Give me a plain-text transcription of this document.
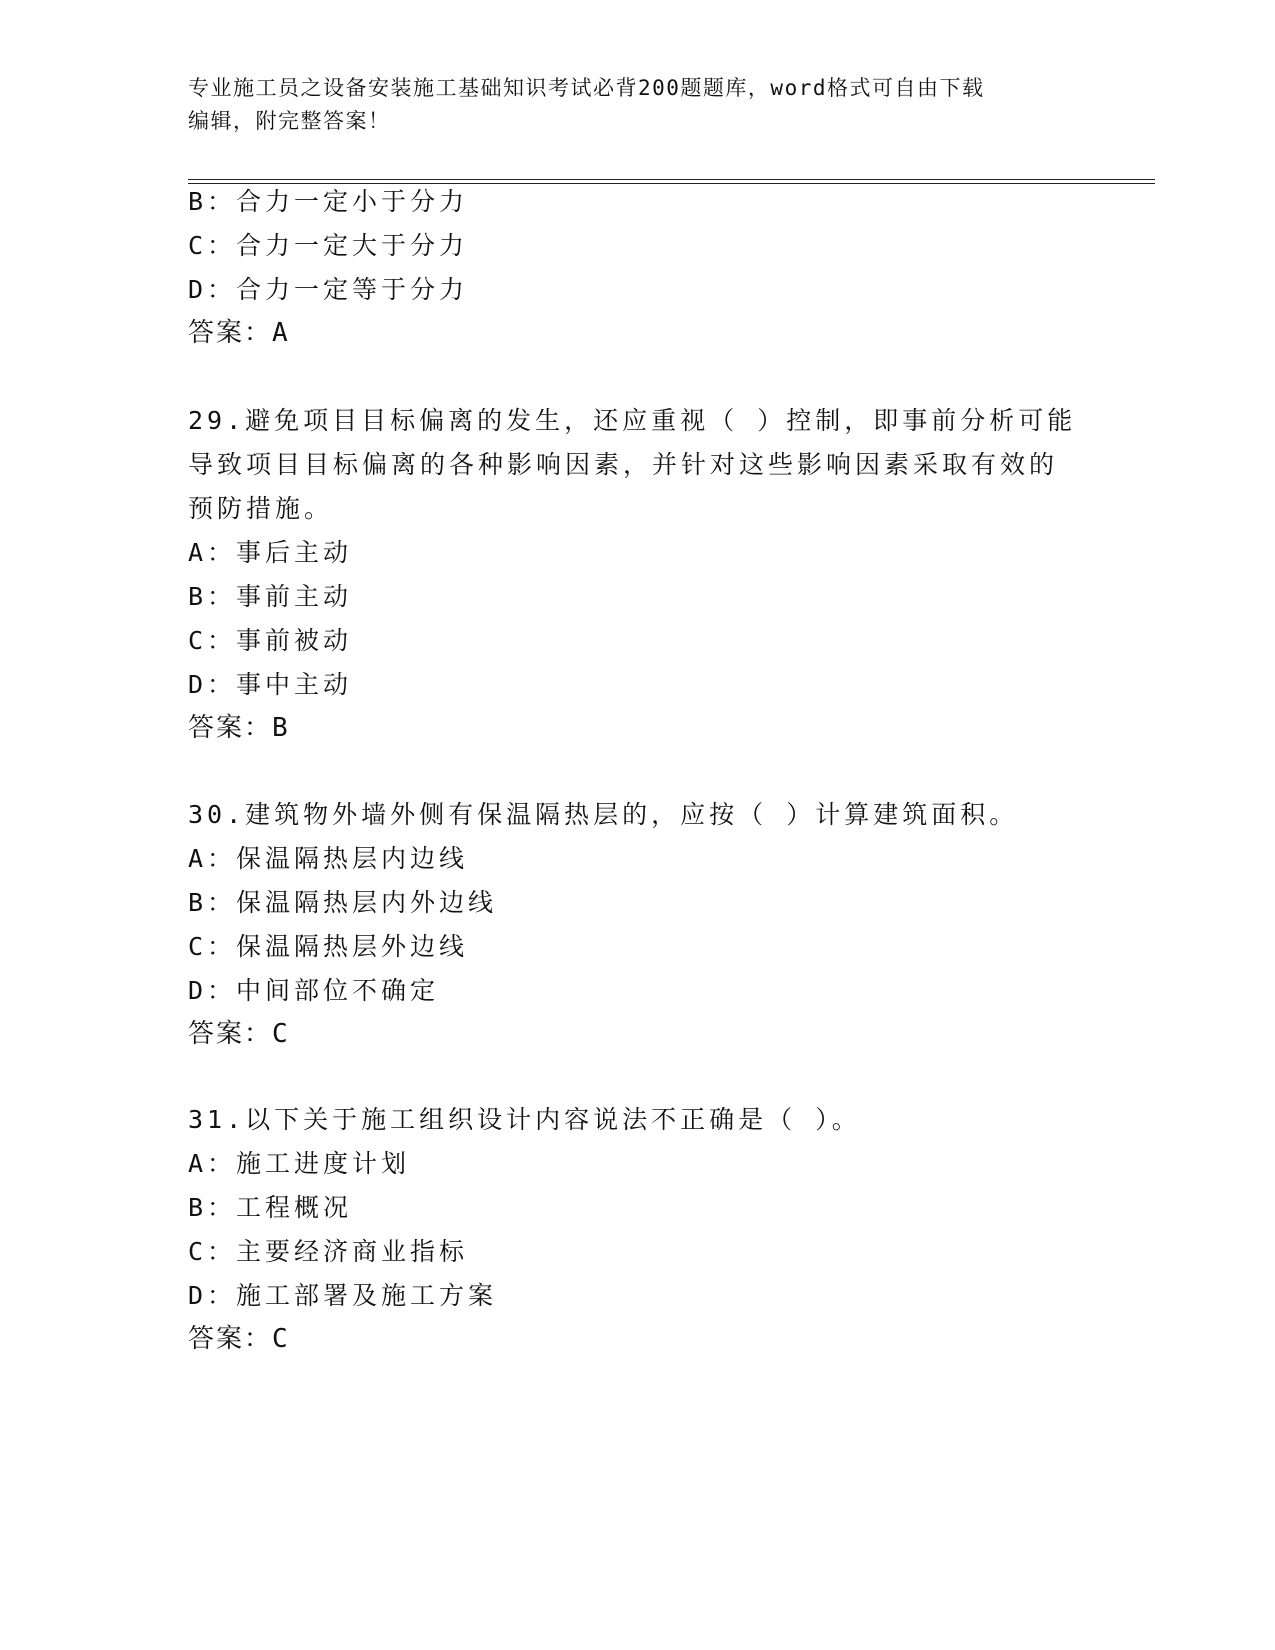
专业施工员之设备安装施工基础知识考试必背200题题库，word格式可自由下载
编辑，附完整答案！
B：合力一定小于分力
C：合力一定大于分力
D：合力一定等于分力
答案：A
29.避免项目目标偏离的发生，还应重视（ ）控制，即事前分析可能
导致项目目标偏离的各种影响因素，并针对这些影响因素采取有效的
预防措施。
A：事后主动
B：事前主动
C：事前被动
D：事中主动
答案：B
30.建筑物外墙外侧有保温隔热层的，应按（ ）计算建筑面积。
A：保温隔热层内边线
B：保温隔热层内外边线
C：保温隔热层外边线
D：中间部位不确定
答案：C
31.以下关于施工组织设计内容说法不正确是（ ）。
A：施工进度计划
B：工程概况
C：主要经济商业指标
D：施工部署及施工方案
答案：C
